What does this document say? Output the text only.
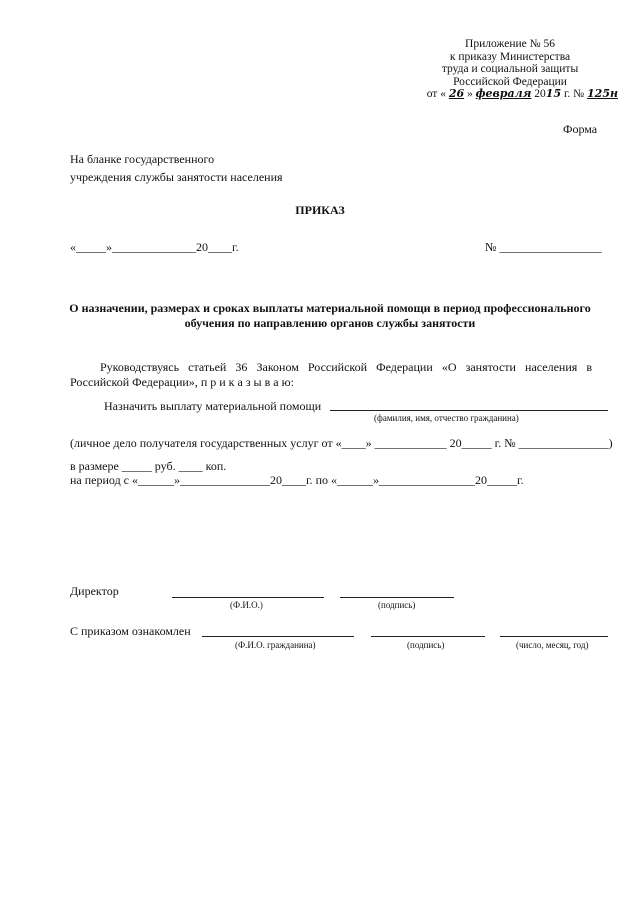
Приложение № 56
к приказу Министерства
труда и социальной защиты
Российской Федерации
от « 26 » февраля 2015 г. № 125н
Форма
На бланке государственного
учреждения службы занятости населения
ПРИКАЗ
«_____»______________20____г.	№ _________________
О назначении, размерах и сроках выплаты материальной помощи в период профессионального обучения по направлению органов службы занятости
Руководствуясь статьей 36 Законом Российской Федерации «О занятости населения в Российской Федерации», п р и к а з ы в а ю:
Назначить выплату материальной помощи
(фамилия, имя, отчество гражданина)
(личное дело получателя государственных услуг от «____» ____________ 20_____ г. № _______________)
в размере _____ руб. ____ коп.
на период с «______»_______________20____г. по «______»________________20_____г.
Директор
(Ф.И.О.)	(подпись)
С приказом ознакомлен
(Ф.И.О. гражданина)	(подпись)	(число, месяц, год)
